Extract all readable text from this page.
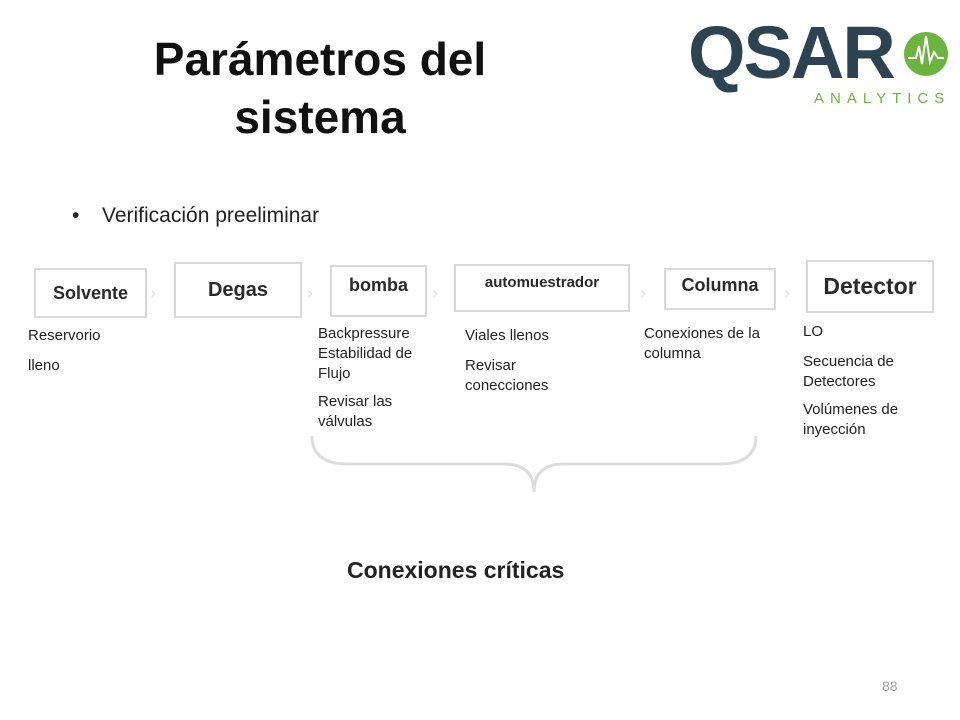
Parámetros del
sistema
QSAR
ANALYTICS
• Verificación preeliminar
Solvente ›	Degas › bomba ›
automuestrador
› Columna › Detector

Reservorio

lleno

Backpressure Estabilidad de Flujo

Revisar las válvulas

Viales llenos

Revisar conecciones

Conexiones de la columna

LO

Secuencia de Detectores

Volúmenes de inyección

Conexiones críticas
88
